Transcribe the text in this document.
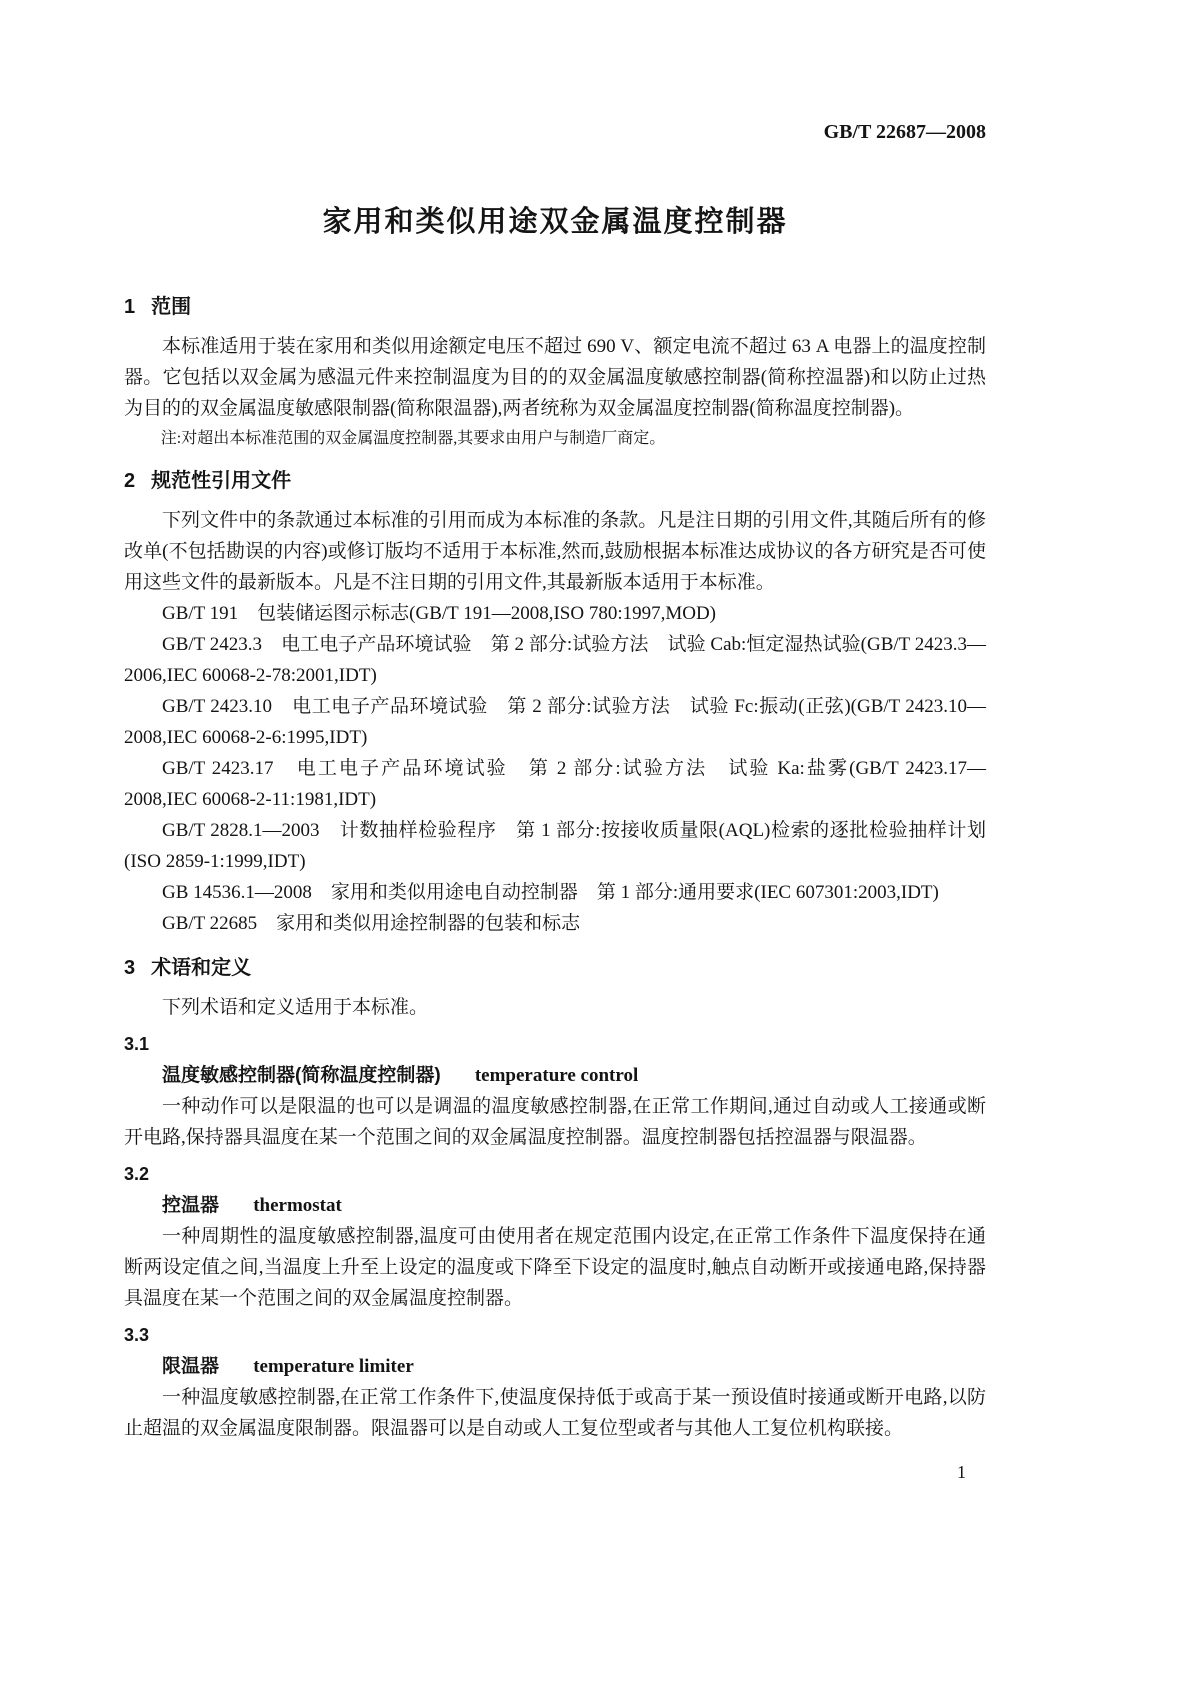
GB/T 22687—2008
家用和类似用途双金属温度控制器
1 范围

本标准适用于装在家用和类似用途额定电压不超过 690 V、额定电流不超过 63 A 电器上的温度控制器。它包括以双金属为感温元件来控制温度为目的的双金属温度敏感控制器(简称控温器)和以防止过热为目的的双金属温度敏感限制器(简称限温器),两者统称为双金属温度控制器(简称温度控制器)。

注:对超出本标准范围的双金属温度控制器,其要求由用户与制造厂商定。

2 规范性引用文件

下列文件中的条款通过本标准的引用而成为本标准的条款。凡是注日期的引用文件,其随后所有的修改单(不包括勘误的内容)或修订版均不适用于本标准,然而,鼓励根据本标准达成协议的各方研究是否可使用这些文件的最新版本。凡是不注日期的引用文件,其最新版本适用于本标准。

GB/T 191　包装储运图示标志(GB/T 191—2008,ISO 780:1997,MOD)

GB/T 2423.3　电工电子产品环境试验　第 2 部分:试验方法　试验 Cab:恒定湿热试验(GB/T 2423.3—2006,IEC 60068-2-78:2001,IDT)

GB/T 2423.10　电工电子产品环境试验　第 2 部分:试验方法　试验 Fc:振动(正弦)(GB/T 2423.10—2008,IEC 60068-2-6:1995,IDT)

GB/T 2423.17　电工电子产品环境试验　第 2 部分:试验方法　试验 Ka:盐雾(GB/T 2423.17—2008,IEC 60068-2-11:1981,IDT)

GB/T 2828.1—2003　计数抽样检验程序　第 1 部分:按接收质量限(AQL)检索的逐批检验抽样计划(ISO 2859-1:1999,IDT)

GB 14536.1—2008　家用和类似用途电自动控制器　第 1 部分:通用要求(IEC 607301:2003,IDT)

GB/T 22685　家用和类似用途控制器的包装和标志

3 术语和定义

下列术语和定义适用于本标准。

3.1

温度敏感控制器(简称温度控制器) temperature control

一种动作可以是限温的也可以是调温的温度敏感控制器,在正常工作期间,通过自动或人工接通或断开电路,保持器具温度在某一个范围之间的双金属温度控制器。温度控制器包括控温器与限温器。

3.2

控温器 thermostat

一种周期性的温度敏感控制器,温度可由使用者在规定范围内设定,在正常工作条件下温度保持在通断两设定值之间,当温度上升至上设定的温度或下降至下设定的温度时,触点自动断开或接通电路,保持器具温度在某一个范围之间的双金属温度控制器。

3.3

限温器 temperature limiter

一种温度敏感控制器,在正常工作条件下,使温度保持低于或高于某一预设值时接通或断开电路,以防止超温的双金属温度限制器。限温器可以是自动或人工复位型或者与其他人工复位机构联接。

1
